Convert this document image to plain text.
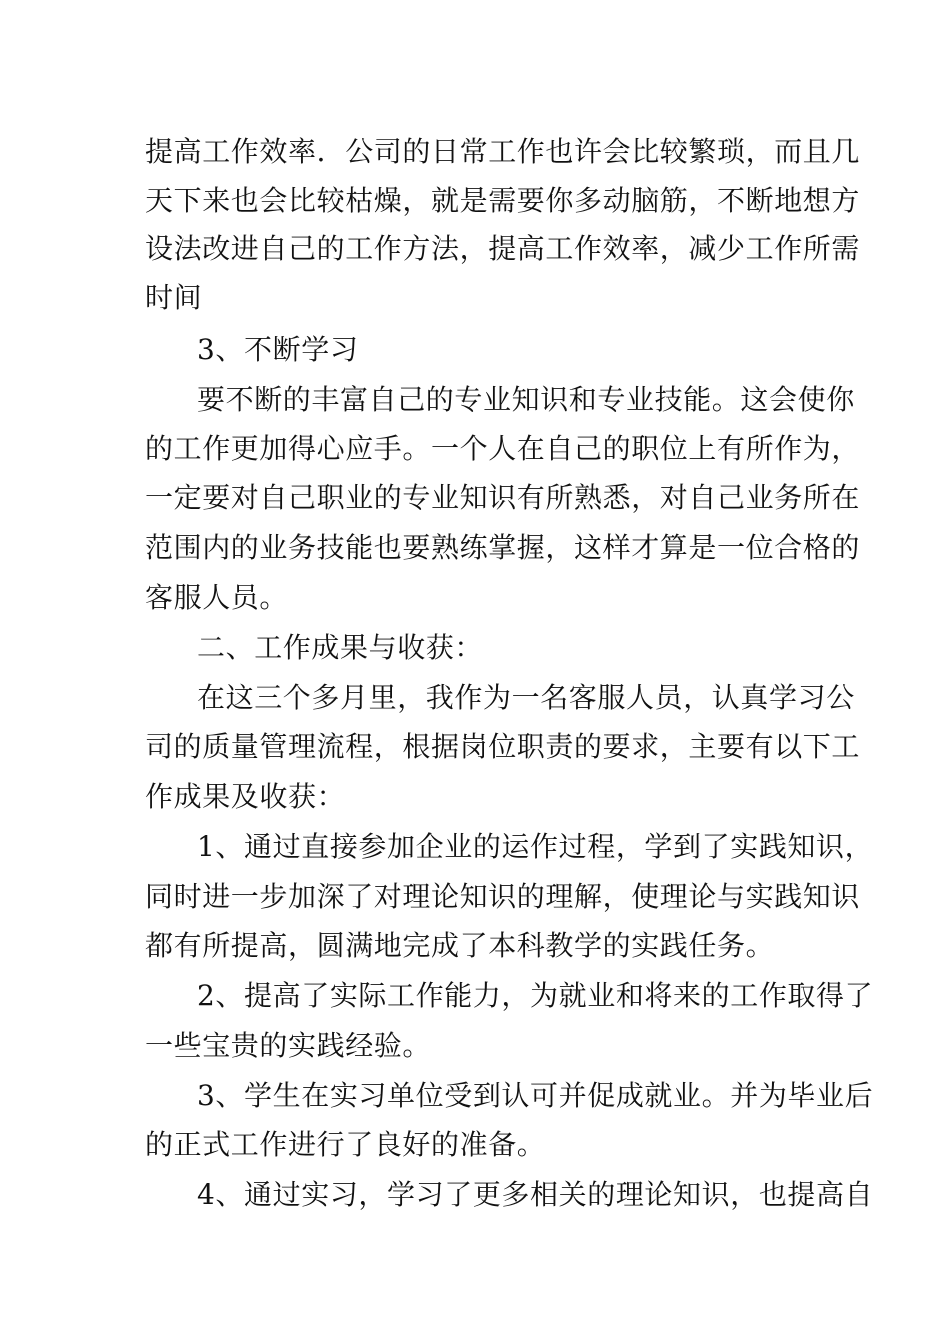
提高工作效率．公司的日常工作也许会比较繁琐，而且几
天下来也会比较枯燥，就是需要你多动脑筋，不断地想方
设法改进自己的工作方法，提高工作效率，减少工作所需
时间
3、不断学习
要不断的丰富自己的专业知识和专业技能。这会使你
的工作更加得心应手。一个人在自己的职位上有所作为，
一定要对自己职业的专业知识有所熟悉，对自己业务所在
范围内的业务技能也要熟练掌握，这样才算是一位合格的
客服人员。
二、工作成果与收获：
在这三个多月里，我作为一名客服人员，认真学习公
司的质量管理流程，根据岗位职责的要求，主要有以下工
作成果及收获：
1、通过直接参加企业的运作过程，学到了实践知识，
同时进一步加深了对理论知识的理解，使理论与实践知识
都有所提高，圆满地完成了本科教学的实践任务。
2、提高了实际工作能力，为就业和将来的工作取得了
一些宝贵的实践经验。
3、学生在实习单位受到认可并促成就业。并为毕业后
的正式工作进行了良好的准备。
4、通过实习，学习了更多相关的理论知识，也提高自
